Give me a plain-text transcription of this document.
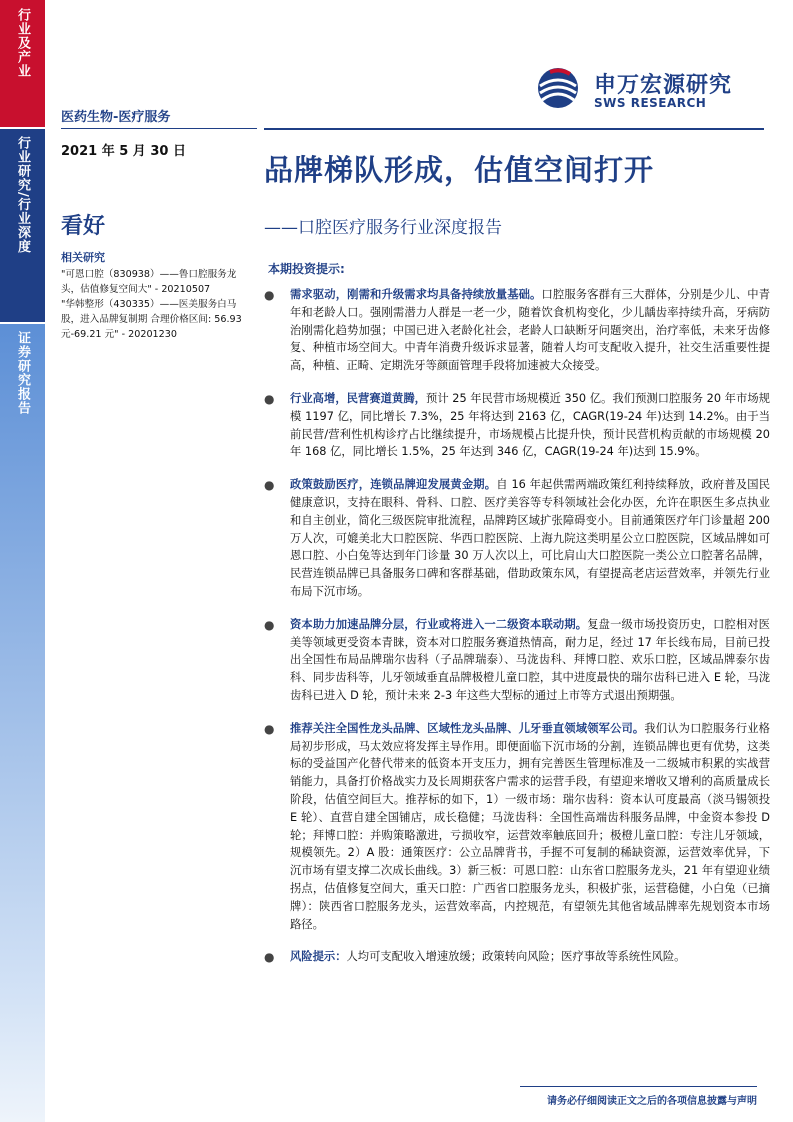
行业及产业
行业研究/行业深度
证券研究报告
医药生物-医疗服务
2021 年 5 月 30 日
看好
相关研究
"可恩口腔（830938）——鲁口腔服务龙头，估值修复空间大" - 20210507
"华韩整形（430335）——医美服务白马股，进入品牌复制期 合理价格区间: 56.93 元-69.21 元" - 20201230
申万宏源研究
SWS RESEARCH
品牌梯队形成，估值空间打开
——口腔医疗服务行业深度报告
本期投资提示:
● 需求驱动，刚需和升级需求均具备持续放量基础。口腔服务客群有三大群体，分别是少儿、中青年和老龄人口。强刚需潜力人群是一老一少，随着饮食机构变化，少儿龋齿率持续升高，牙病防治刚需化趋势加强；中国已进入老龄化社会，老龄人口缺断牙问题突出，治疗率低，未来牙齿修复、种植市场空间大。中青年消费升级诉求显著，随着人均可支配收入提升，社交生活重要性提高，种植、正畸、定期洗牙等颜面管理手段将加速被大众接受。
● 行业高增，民营赛道黄腾，预计 25 年民营市场规模近 350 亿。我们预测口腔服务 20 年市场规模 1197 亿，同比增长 7.3%，25 年将达到 2163 亿，CAGR(19-24 年)达到 14.2%。由于当前民营/营利性机构诊疗占比继续提升，市场规模占比提升快，预计民营机构贡献的市场规模 20 年 168 亿，同比增长 1.5%，25 年达到 346 亿，CAGR(19-24 年)达到 15.9%。
● 政策鼓励医疗，连锁品牌迎发展黄金期。自 16 年起供需两端政策红利持续释放，政府普及国民健康意识，支持在眼科、骨科、口腔、医疗美容等专科领域社会化办医，允许在职医生多点执业和自主创业，简化三级医院审批流程，品牌跨区域扩张障碍变小。目前通策医疗年门诊量超 200 万人次，可媲美北大口腔医院、华西口腔医院、上海九院这类明星公立口腔医院，区域品牌如可恩口腔、小白兔等达到年门诊量 30 万人次以上，可比肩山大口腔医院一类公立口腔著名品牌，民营连锁品牌已具备服务口碑和客群基础，借助政策东风，有望提高老店运营效率，并领先行业布局下沉市场。
● 资本助力加速品牌分层，行业或将进入一二级资本联动期。复盘一级市场投资历史，口腔相对医美等领域更受资本青睐，资本对口腔服务赛道热情高，耐力足，经过 17 年长线布局，目前已投出全国性布局品牌瑞尔齿科（子品牌瑞泰）、马泷齿科、拜博口腔、欢乐口腔，区域品牌泰尔齿科、同步齿科等，儿牙领域垂直品牌极橙儿童口腔，其中进度最快的瑞尔齿科已进入 E 轮，马泷齿科已进入 D 轮，预计未来 2-3 年这些大型标的通过上市等方式退出预期强。
● 推荐关注全国性龙头品牌、区域性龙头品牌、儿牙垂直领域领军公司。我们认为口腔服务行业格局初步形成，马太效应将发挥主导作用。即便面临下沉市场的分割，连锁品牌也更有优势，这类标的受益国产化替代带来的低资本开支压力，拥有完善医生管理标准及一二级城市积累的实战营销能力，具备打价格战实力及长周期获客户需求的运营手段，有望迎来增收又增利的高质量成长阶段，估值空间巨大。推荐标的如下，1）一级市场：瑞尔齿科：资本认可度最高（淡马锡领投 E 轮）、直营自建全国铺店，成长稳健；马泷齿科：全国性高端齿科服务品牌，中金资本参投 D 轮；拜博口腔：并购策略激进，亏损收窄，运营效率触底回升；极橙儿童口腔：专注儿牙领域，规模领先。2）A 股：通策医疗：公立品牌背书，手握不可复制的稀缺资源，运营效率优异，下沉市场有望支撑二次成长曲线。3）新三板：可恩口腔：山东省口腔服务龙头，21 年有望迎业绩拐点，估值修复空间大，重天口腔：广西省口腔服务龙头，积极扩张，运营稳健，小白兔（已摘牌）：陕西省口腔服务龙头，运营效率高，内控规范，有望领先其他省域品牌率先规划资本市场路径。
● 风险提示：人均可支配收入增速放缓；政策转向风险；医疗事故等系统性风险。
请务必仔细阅读正文之后的各项信息披露与声明
